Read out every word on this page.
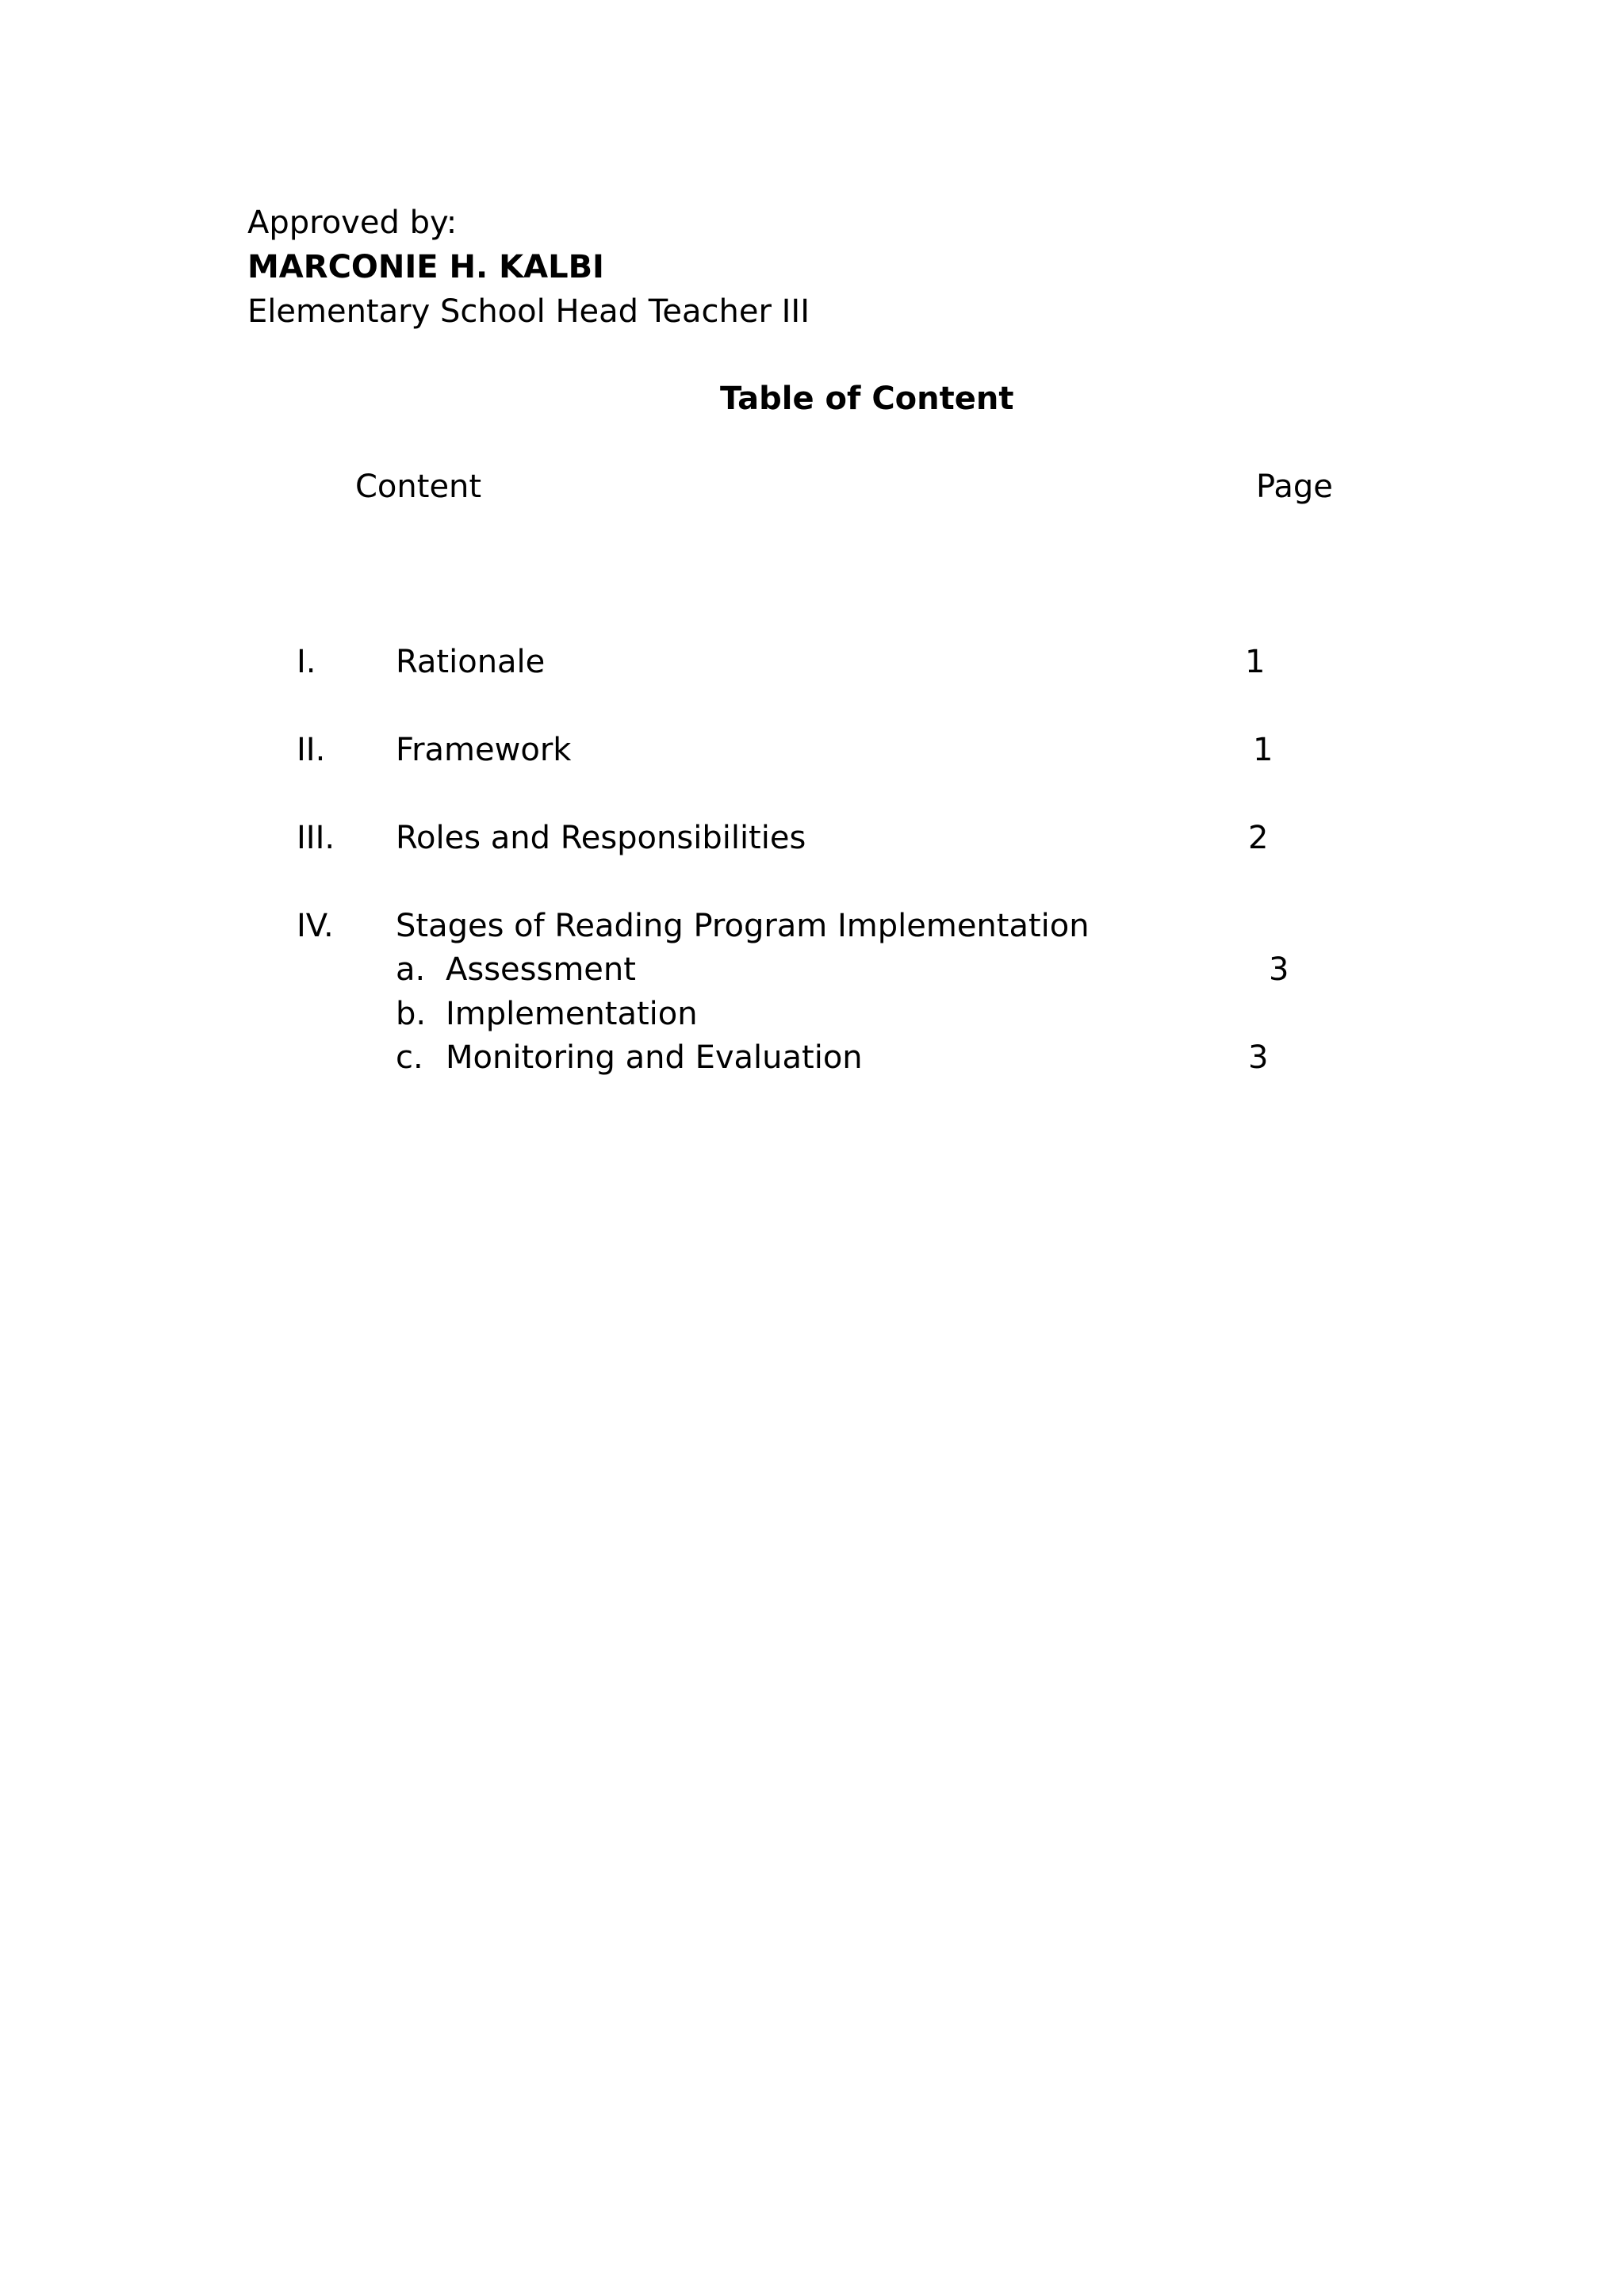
Approved by:
MARCONIE H. KALBI
Elementary School Head Teacher III
Table of Content
Content	Page
I.	Rationale	1
II. Framework	1
III. Roles and Responsibilities	2
IV. Stages of Reading Program Implementation
a. Assessment	3
b. Implementation
c. Monitoring and Evaluation	3
